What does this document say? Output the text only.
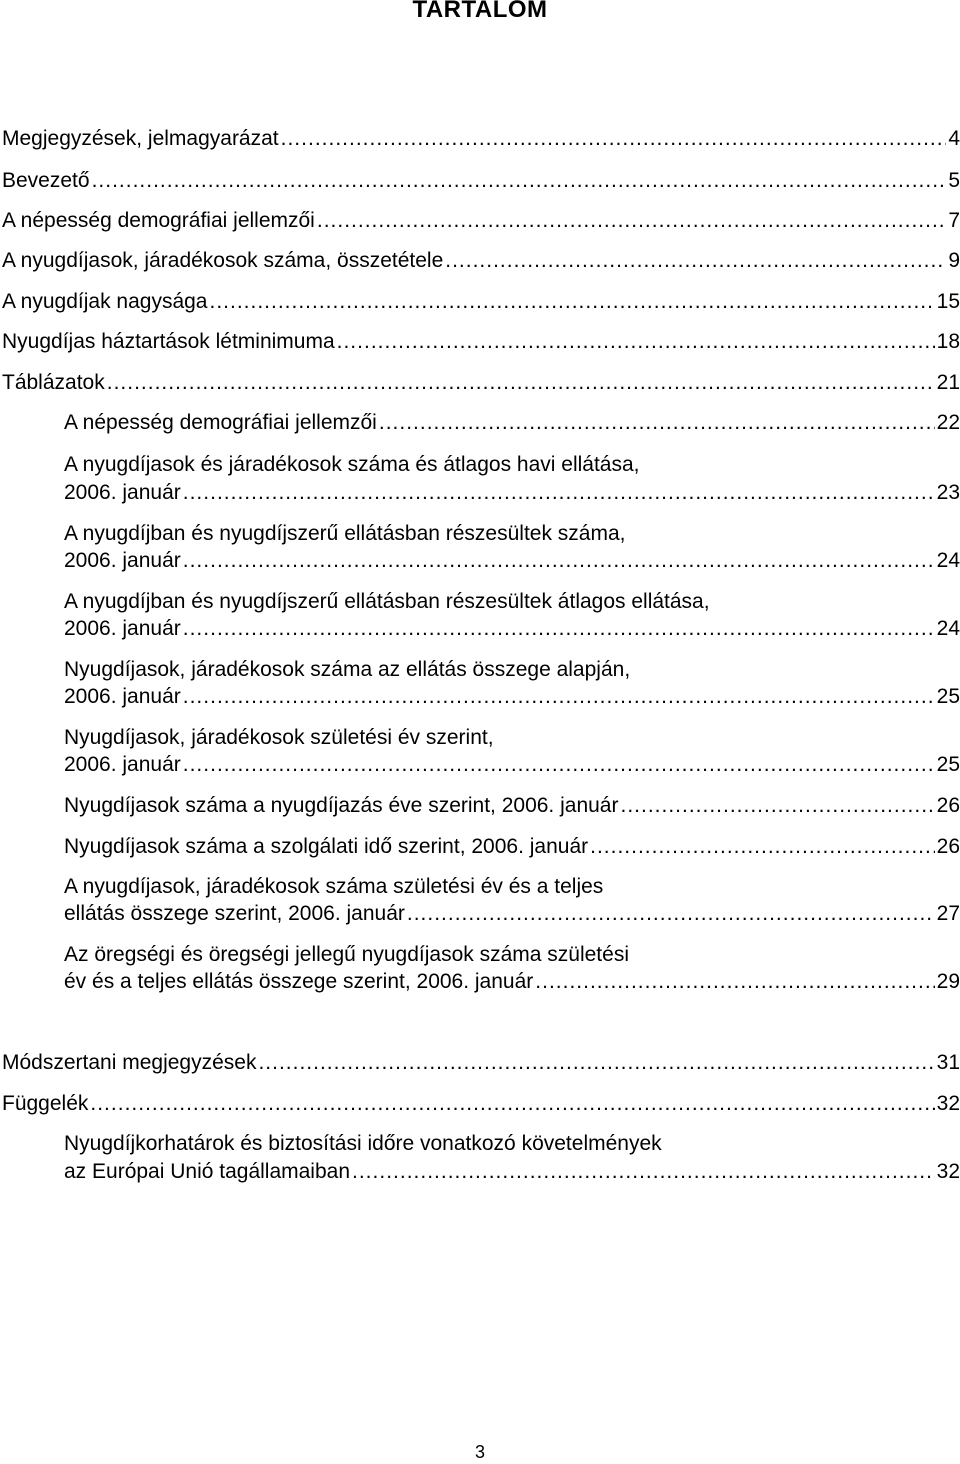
TARTALOM
Megjegyzések, jelmagyarázat .....	4
Bevezető .....	5
A népesség demográfiai jellemzői .....	7
A nyugdíjasok, járadékosok száma, összetétele .....	9
A nyugdíjak nagysága .....	15
Nyugdíjas háztartások létminimuma .....	18
Táblázatok .....	21
A népesség demográfiai jellemzői .....	22
A nyugdíjasok és járadékosok száma és átlagos havi ellátása,
2006. január .....	23
A nyugdíjban és nyugdíjszerű ellátásban részesültek száma,
2006. január .....	24
A nyugdíjban és nyugdíjszerű ellátásban részesültek átlagos ellátása,
2006. január .....	24
Nyugdíjasok, járadékosok száma az ellátás összege alapján,
2006. január .....	25
Nyugdíjasok, járadékosok születési év szerint,
2006. január .....	25
Nyugdíjasok száma a nyugdíjazás éve szerint, 2006. január .....	26
Nyugdíjasok száma a szolgálati idő szerint, 2006. január .....	26
A nyugdíjasok, járadékosok száma születési év és a teljes
ellátás összege szerint, 2006. január .....	27
Az öregségi és öregségi jellegű nyugdíjasok száma születési
év és a teljes ellátás összege szerint, 2006. január .....	29
Módszertani megjegyzések .....	31
Függelék .....	32
Nyugdíjkorhatárok és biztosítási időre vonatkozó követelmények
az Európai Unió tagállamaiban .....	32
3
